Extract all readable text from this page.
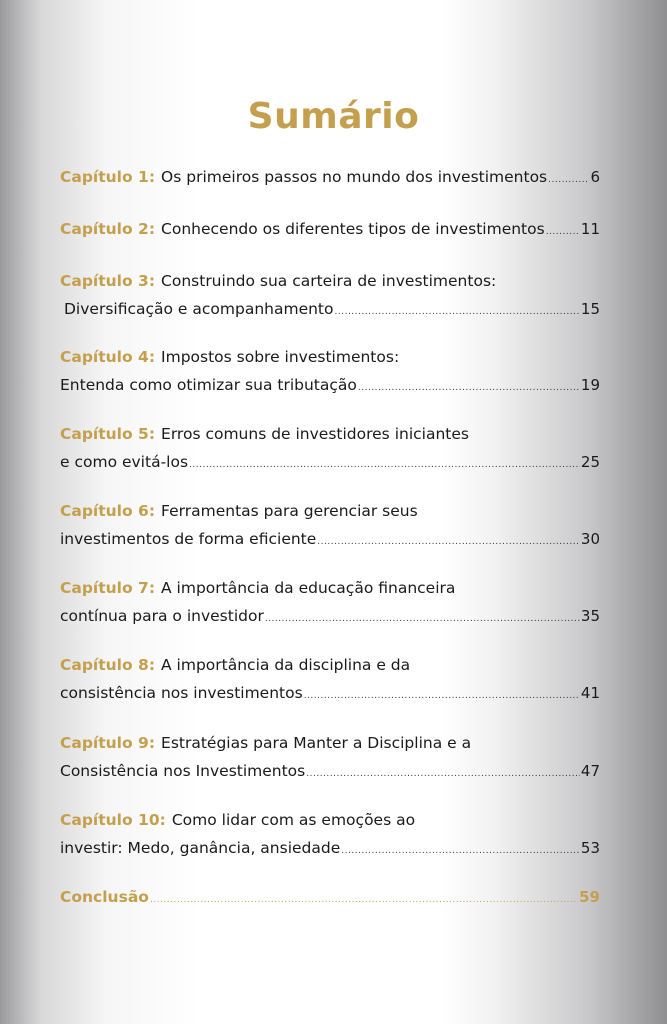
Sumário
Capítulo 1: Os primeiros passos no mundo dos investimentos .....	6
Capítulo 2: Conhecendo os diferentes tipos de investimentos ..... 11
Capítulo 3: Construindo sua carteira de investimentos:
Diversificação e acompanhamento .....	15
Capítulo 4: Impostos sobre investimentos:
Entenda como otimizar sua tributação .....	19
Capítulo 5: Erros comuns de investidores iniciantes
e como evitá-los .....	25
Capítulo 6: Ferramentas para gerenciar seus
investimentos de forma eficiente .....	30
Capítulo 7: A importância da educação financeira
contínua para o investidor .....	35
Capítulo 8: A importância da disciplina e da
consistência nos investimentos .....	41
Capítulo 9: Estratégias para Manter a Disciplina e a
Consistência nos Investimentos .....	47
Capítulo 10: Como lidar com as emoções ao
investir: Medo, ganância, ansiedade .....	53
Conclusão .....	59
